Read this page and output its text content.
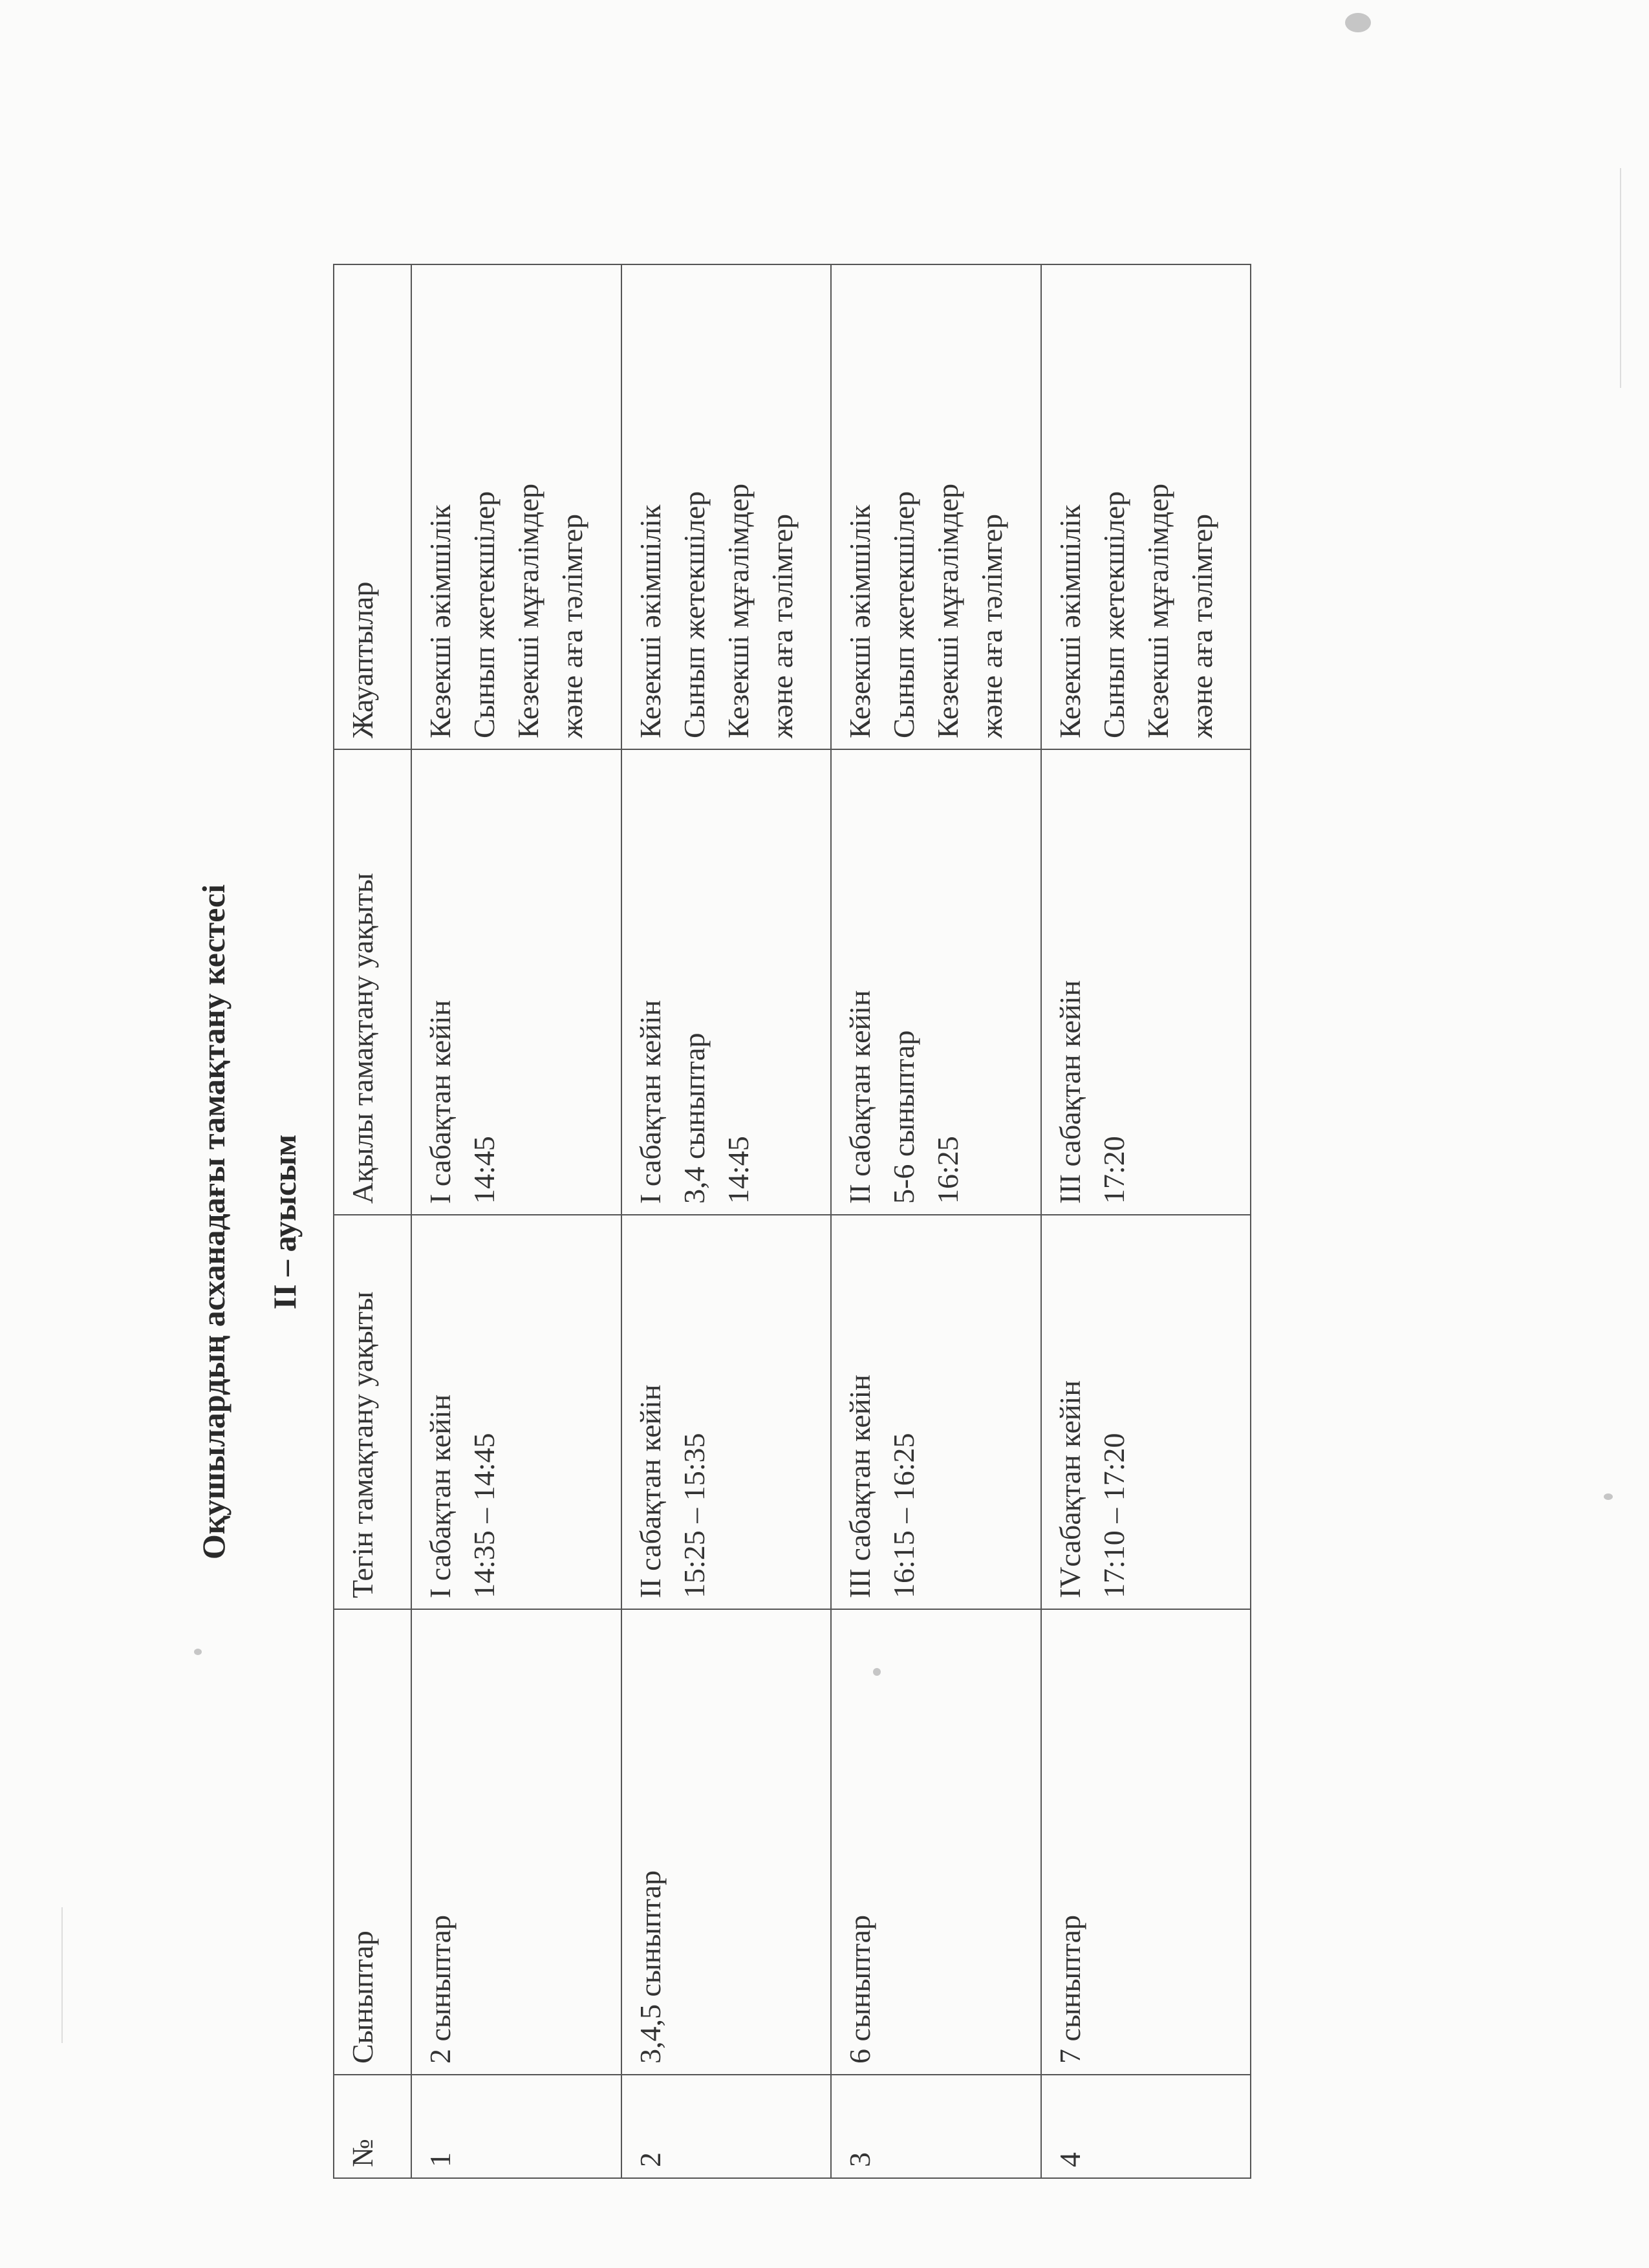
Оқушылардың асханадағы тамақтану кестесі ІІ – ауысым
№	Сыныптар	Тегін тамақтану уақыты	Ақылы тамақтану уақыты	Жауаптылар
1	2 сыныптар	І сабақтан кейін 14:35 – 14:45	І сабақтан кейін 14:45	Кезекші әкімшілік Сынып жетекшілер Кезекші мұғалімдер және аға тәлімгер

2	3,4,5 сыныптар	ІІ сабақтан кейін 15:25 – 15:35	І сабақтан кейін 3,4 сыныптар 14:45	Кезекші әкімшілік Сынып жетекшілер Кезекші мұғалімдер және аға тәлімгер

3	6 сыныптар	ІІІ сабақтан кейін 16:15 – 16:25	ІІ сабақтан кейін 5-6 сыныптар 16:25	Кезекші әкімшілік Сынып жетекшілер Кезекші мұғалімдер және аға тәлімгер

4	7 сыныптар	ІVсабақтан кейін 17:10 – 17:20	ІІІ сабақтан кейін 17:20	Кезекші әкімшілік Сынып жетекшілер Кезекші мұғалімдер және аға тәлімгер
